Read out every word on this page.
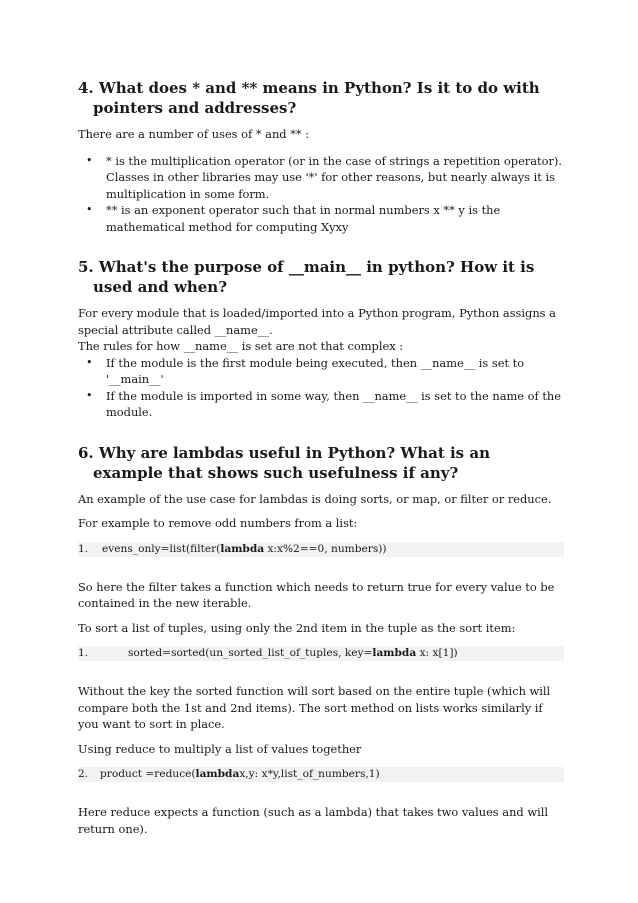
4. What does * and ** means in Python? Is it to do with pointers and addresses?

There are a number of uses of * and ** :

• * is the multiplication operator (or in the case of strings a repetition operator). Classes in other libraries may use '*' for other reasons, but nearly always it is multiplication in some form.
• ** is an exponent operator such that in normal numbers x ** y is the mathematical method for computing Xyxy
5. What's the purpose of __main__ in python? How it is used and when?

For every module that is loaded/imported into a Python program, Python assigns a special attribute called __name__.

The rules for how __name__ is set are not that complex :

• If the module is the first module being executed, then __name__ is set to '__main__'
• If the module is imported in some way, then __name__ is set to the name of the module.
6. Why are lambdas useful in Python? What is an example that shows such usefulness if any?

An example of the use case for lambdas is doing sorts, or map, or filter or reduce.

For example to remove odd numbers from a list:

1. evens_only=list(filter(lambda x:x%2==0, numbers))

So here the filter takes a function which needs to return true for every value to be contained in the new iterable.

To sort a list of tuples, using only the 2nd item in the tuple as the sort item:

1.	sorted=sorted(un_sorted_list_of_tuples, key=lambda x: x[1])

Without the key the sorted function will sort based on the entire tuple (which will compare both the 1st and 2nd items). The sort method on lists works similarly if you want to sort in place.

Using reduce to multiply a list of values together

2. product =reduce(lambdax,y: x*y,list_of_numbers,1)

Here reduce expects a function (such as a lambda) that takes two values and will return one).
